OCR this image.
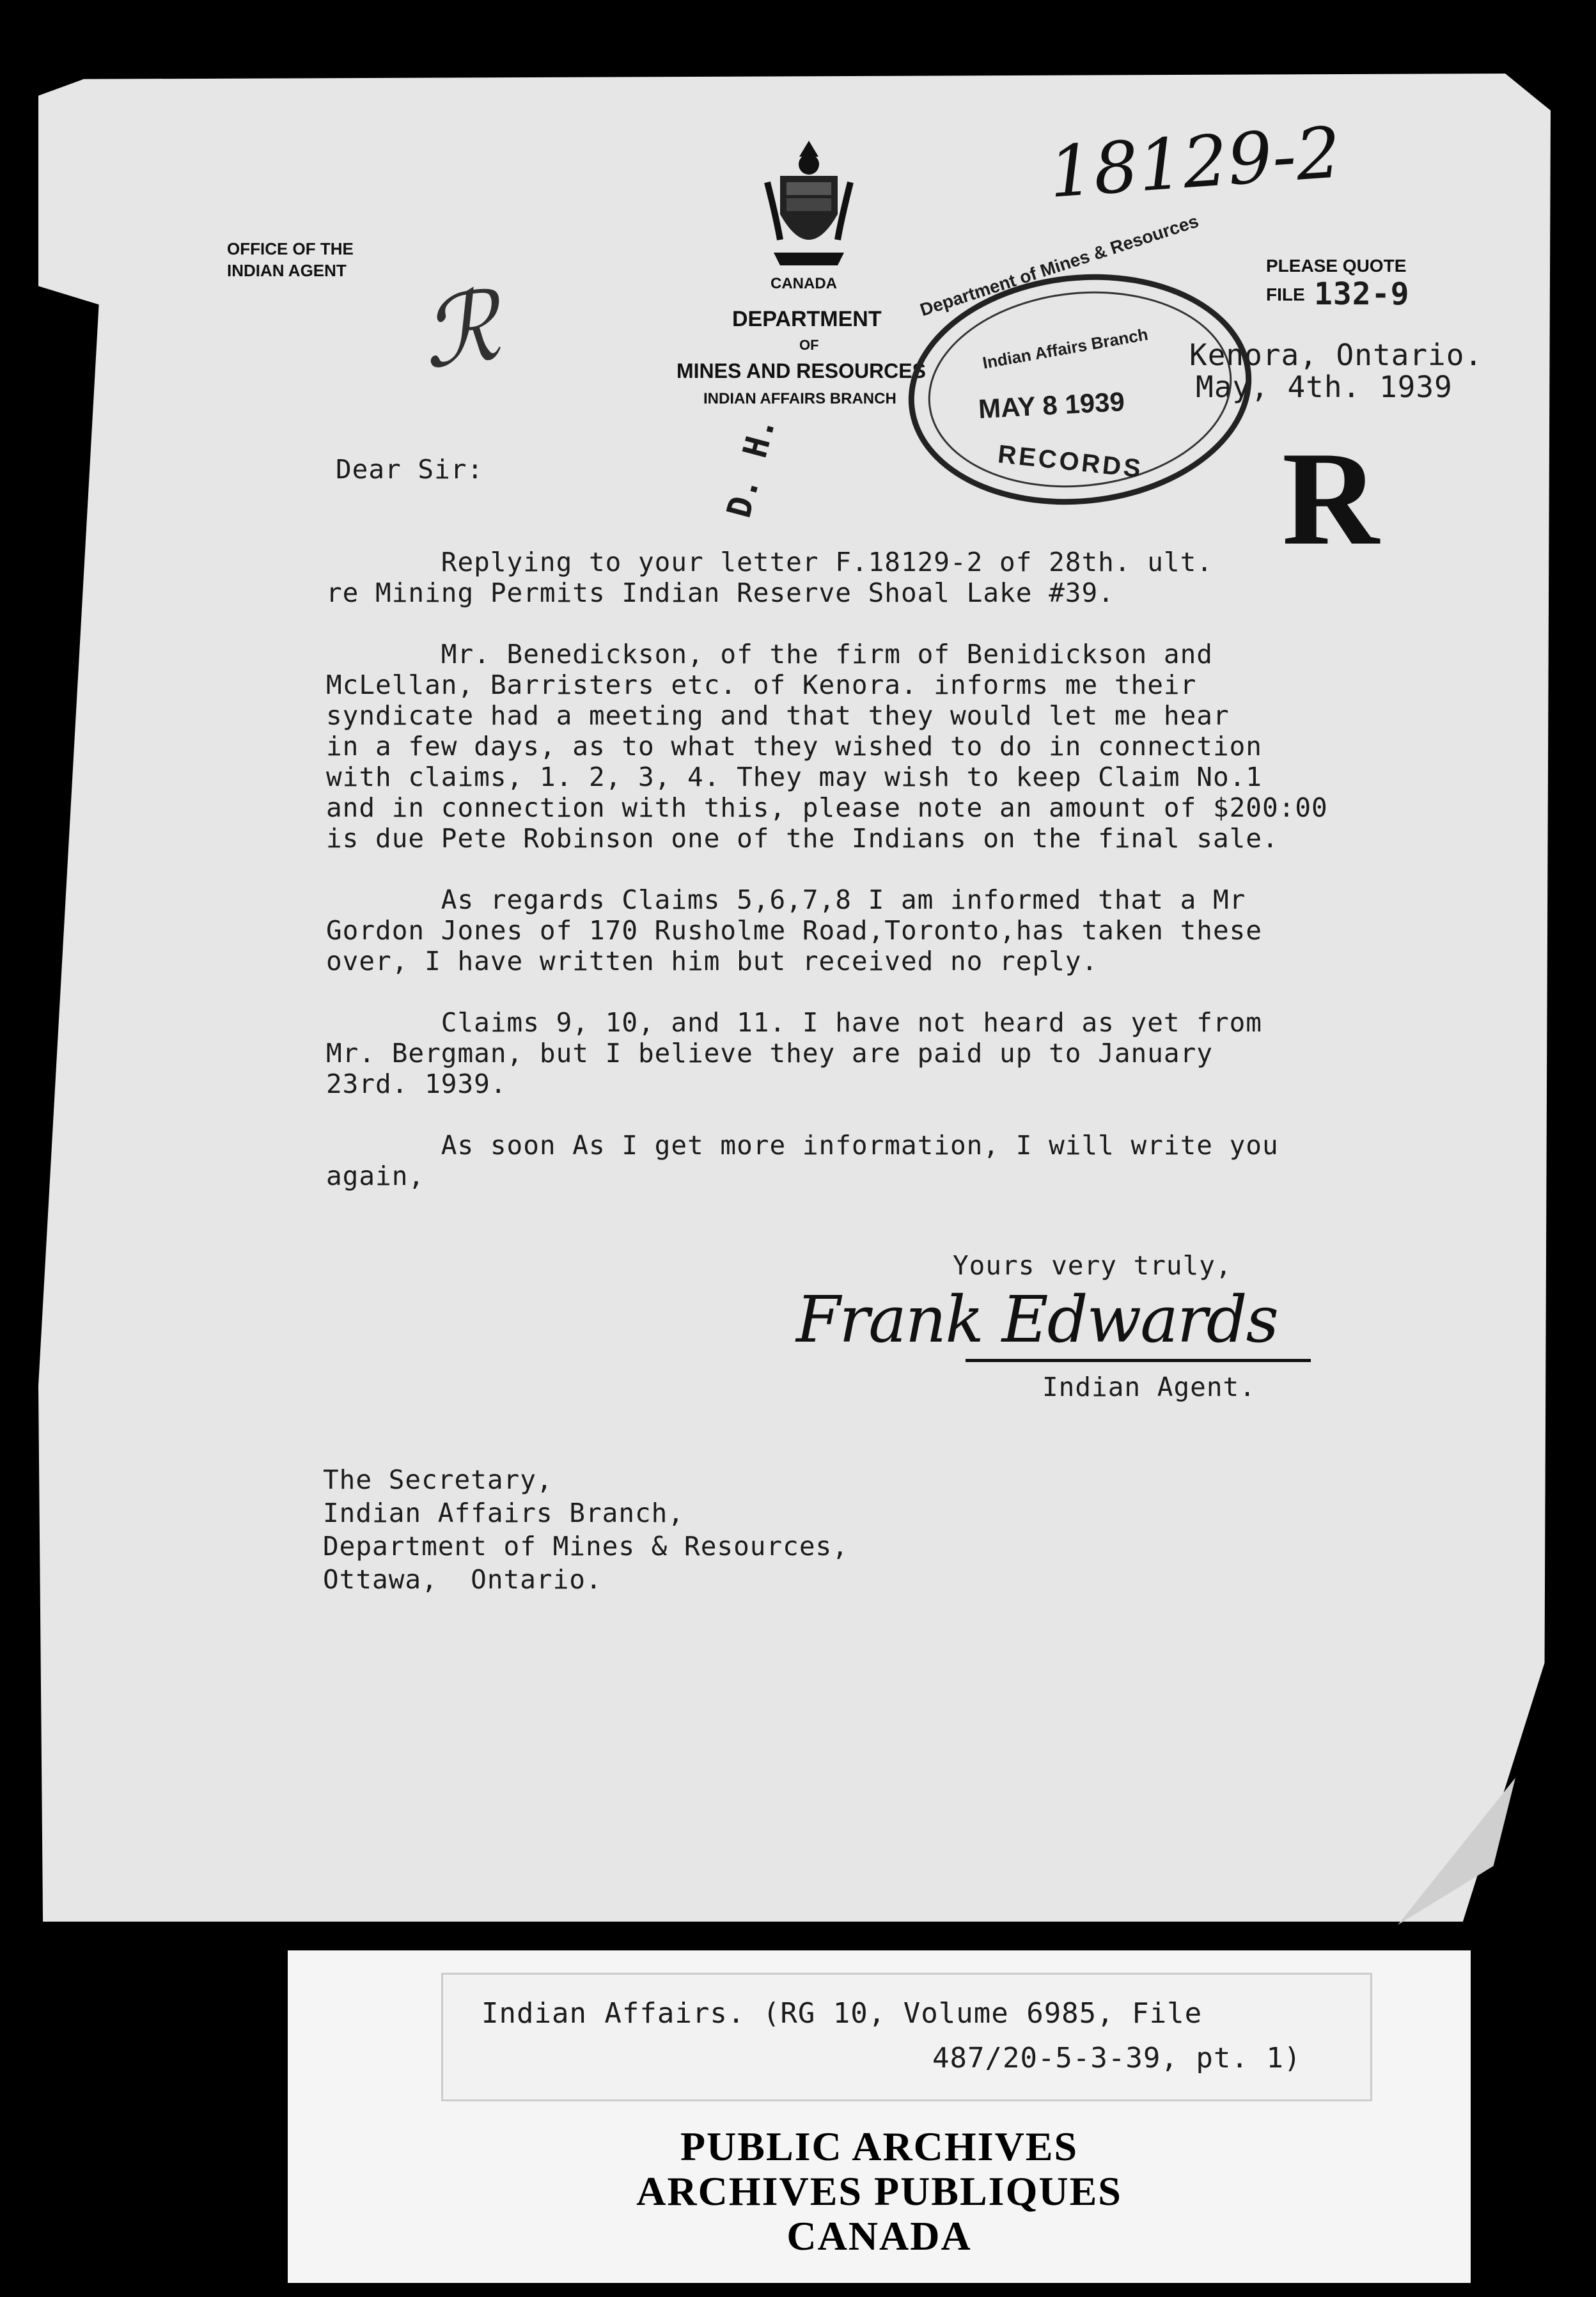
18129-2
OFFICE OF THE
INDIAN AGENT
CANADA
DEPARTMENT
OF
MINES AND RESOURCES
INDIAN AFFAIRS BRANCH
PLEASE QUOTE
FILE 132-9
Kenora, Ontario.
May, 4th. 1939
ℛ
Department of Mines & Resources
Indian Affairs Branch
MAY 8 1939
RECORDS R
D. H.
Dear Sir:
Replying to your letter F.18129-2 of 28th. ult.
re Mining Permits Indian Reserve Shoal Lake #39.
Mr. Benedickson, of the firm of Benidickson and
McLellan, Barristers etc. of Kenora. informs me their
syndicate had a meeting and that they would let me hear
in a few days, as to what they wished to do in connection
with claims, 1. 2, 3, 4. They may wish to keep Claim No.1
and in connection with this, please note an amount of $200:00
is due Pete Robinson one of the Indians on the final sale.
As regards Claims 5,6,7,8 I am informed that a Mr
Gordon Jones of 170 Rusholme Road,Toronto,has taken these
over, I have written him but received no reply.
Claims 9, 10, and 11. I have not heard as yet from
Mr. Bergman, but I believe they are paid up to January
23rd. 1939.
As soon As I get more information, I will write you
again,
Yours very truly,
Frank Edwards
Indian Agent.
The Secretary,
Indian Affairs Branch,
Department of Mines & Resources,
Ottawa,  Ontario.
PUBLIC ARCHIVES
ARCHIVES PUBLIQUES
CANADA
Indian Affairs. (RG 10, Volume 6985, File
487/20-5-3-39, pt. 1)
